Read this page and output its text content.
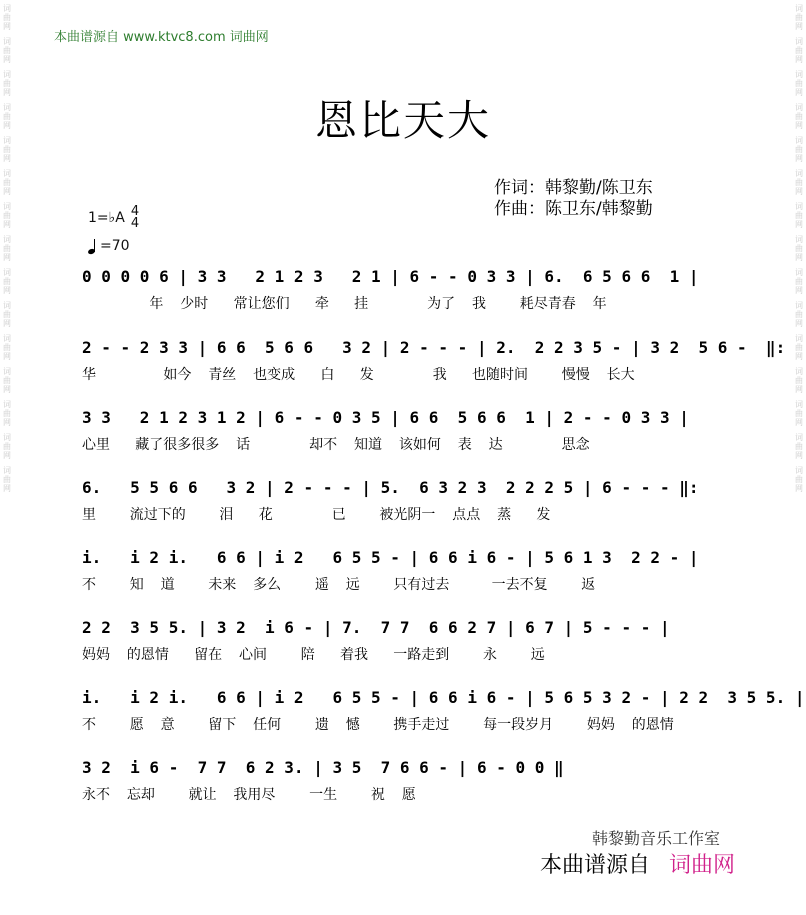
词
曲
网
词
曲
网
词
曲
网
词
曲
网
词
曲
网
词
曲
网
词
曲
网
词
曲
网
词
曲
网
词
曲
网
词
曲
网
词
曲
网
词
曲
网
词
曲
网
词
曲
网
词
曲
网
词
曲
网
词
曲
网
词
曲
网
词
曲
网
词
曲
网
词
曲
网
词
曲
网
词
曲
网
词
曲
网
词
曲
网
词
曲
网
词
曲
网
词
曲
网
词
曲
网
本曲谱源自 www.ktvc8.com 词曲网
恩比天大
作词：韩黎勤/陈卫东
作曲：陈卫东/韩黎勤
1=♭A 4
4
=70
0 0 0 0 6 | 3 3   2 1 2 3   2 1 | 6 - - 0 3 3 | 6.  6 5 6 6  1 |
年  少时   常让您们   牵   挂       为了  我    耗尽青春  年
2 - - 2 3 3 | 6 6  5 6 6   3 2 | 2 - - - | 2.  2 2 3 5 - | 3 2  5 6 -  ‖:
华        如今  青丝  也变成   白   发       我   也随时间    慢慢  长大
3 3   2 1 2 3 1 2 | 6 - - 0 3 5 | 6 6  5 6 6  1 | 2 - - 0 3 3 |
心里   藏了很多很多  话       却不  知道  该如何  表  达       思念
6.   5 5 6 6   3 2 | 2 - - - | 5.  6 3 2 3  2 2 2 5 | 6 - - - ‖:
里    流过下的    泪   花       已    被光阴一  点点  蒸   发
i.   i 2 i.   6 6 | i 2   6 5 5 - | 6 6 i 6 - | 5 6 1 3  2 2 - |
不    知  道    未来  多么    遥  远    只有过去     一去不复    返
2 2  3 5 5. | 3 2  i 6 - | 7.  7 7  6 6 2 7 | 6 7 | 5 - - - |
妈妈  的恩情   留在  心间    陪   着我   一路走到    永    远
i.   i 2 i.   6 6 | i 2   6 5 5 - | 6 6 i 6 - | 5 6 5 3 2 - | 2 2  3 5 5. |
不    愿  意    留下  任何    遗  憾    携手走过    每一段岁月    妈妈  的恩情
3 2  i 6 -  7 7  6 2 3. | 3 5  7 6 6 - | 6 - 0 0 ‖
永不  忘却    就让  我用尽    一生    祝  愿
韩黎勤音乐工作室
本曲谱源自 词曲网
